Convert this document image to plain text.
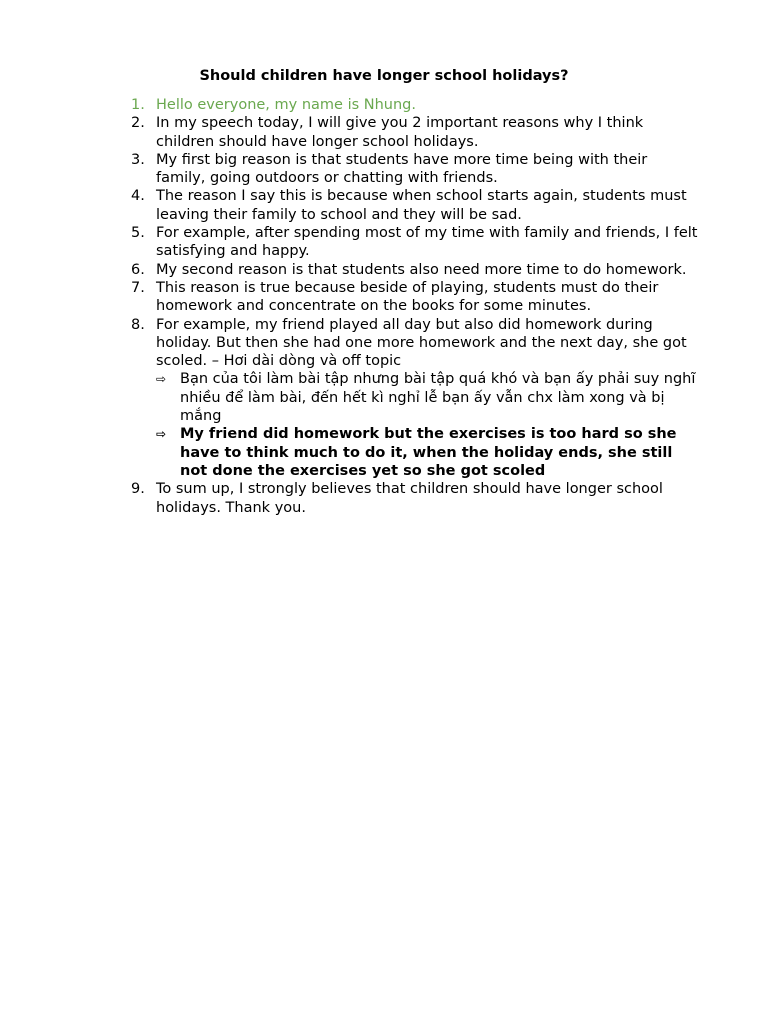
Should children have longer school holidays?
1. Hello everyone, my name is Nhung.
2. In my speech today, I will give you 2 important reasons why I think children should have longer school holidays.
3. My first big reason is that students have more time being with their family, going outdoors or chatting with friends.
4. The reason I say this is because when school starts again, students must leaving their family to school and they will be sad.
5. For example, after spending most of my time with family and friends, I felt satisfying and happy.
6. My second reason is that students also need more time to do homework.
7. This reason is true because beside of playing, students must do their homework and concentrate on the books for some minutes.
8. For example, my friend played all day but also did homework during holiday. But then she had one more homework and the next day, she got scoled. – Hơi dài dòng và off topic
⇨ Bạn của tôi làm bài tập nhưng bài tập quá khó và bạn ấy phải suy nghĩ nhiều để làm bài, đến hết kì nghỉ lễ bạn ấy vẫn chx làm xong và bị mắng
⇨ My friend did homework but the exercises is too hard so she have to think much to do it, when the holiday ends, she still not done the exercises yet so she got scoled
9. To sum up, I strongly believes that children should have longer school holidays. Thank you.
